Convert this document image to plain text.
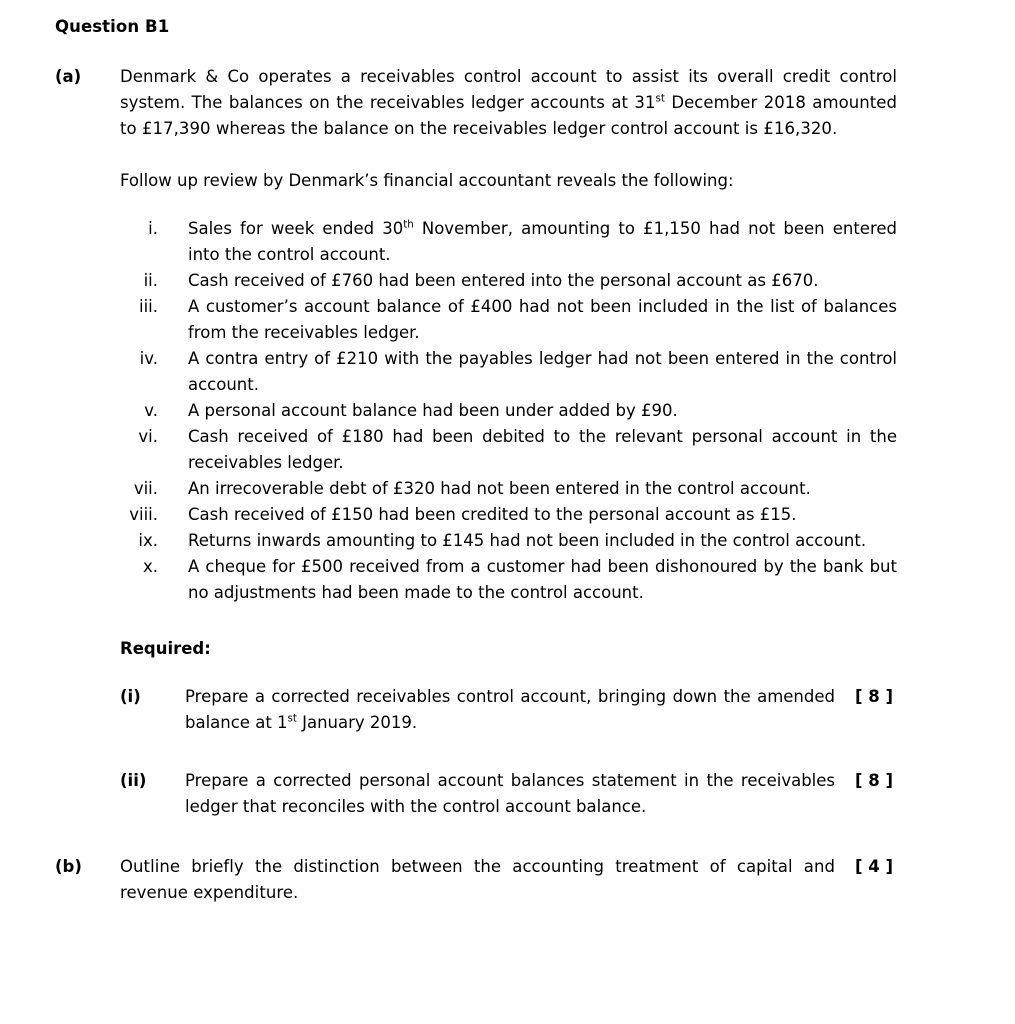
Question B1
(a)	Denmark & Co operates a receivables control account to assist its overall credit control system. The balances on the receivables ledger accounts at 31st December 2018 amounted to £17,390 whereas the balance on the receivables ledger control account is £16,320.

Follow up review by Denmark’s financial accountant reveals the following:

i.	Sales for week ended 30th November, amounting to £1,150 had not been entered into the control account.
ii.	Cash received of £760 had been entered into the personal account as £670.
iii.	A customer’s account balance of £400 had not been included in the list of balances from the receivables ledger.
iv.	A contra entry of £210 with the payables ledger had not been entered in the control account.
v.	A personal account balance had been under added by £90.
vi.	Cash received of £180 had been debited to the relevant personal account in the receivables ledger.
vii.	An irrecoverable debt of £320 had not been entered in the control account.
viii.	Cash received of £150 had been credited to the personal account as £15.
ix.	Returns inwards amounting to £145 had not been included in the control account.
x.	A cheque for £500 received from a customer had been dishonoured by the bank but no adjustments had been made to the control account.
Required:
(i)	Prepare a corrected receivables control account, bringing down the amended balance at 1st January 2019.

[ 8 ]
(ii)	Prepare a corrected personal account balances statement in the receivables ledger that reconciles with the control account balance.

[ 8 ]
(b)	Outline briefly the distinction between the accounting treatment of capital and revenue expenditure.

[ 4 ]
